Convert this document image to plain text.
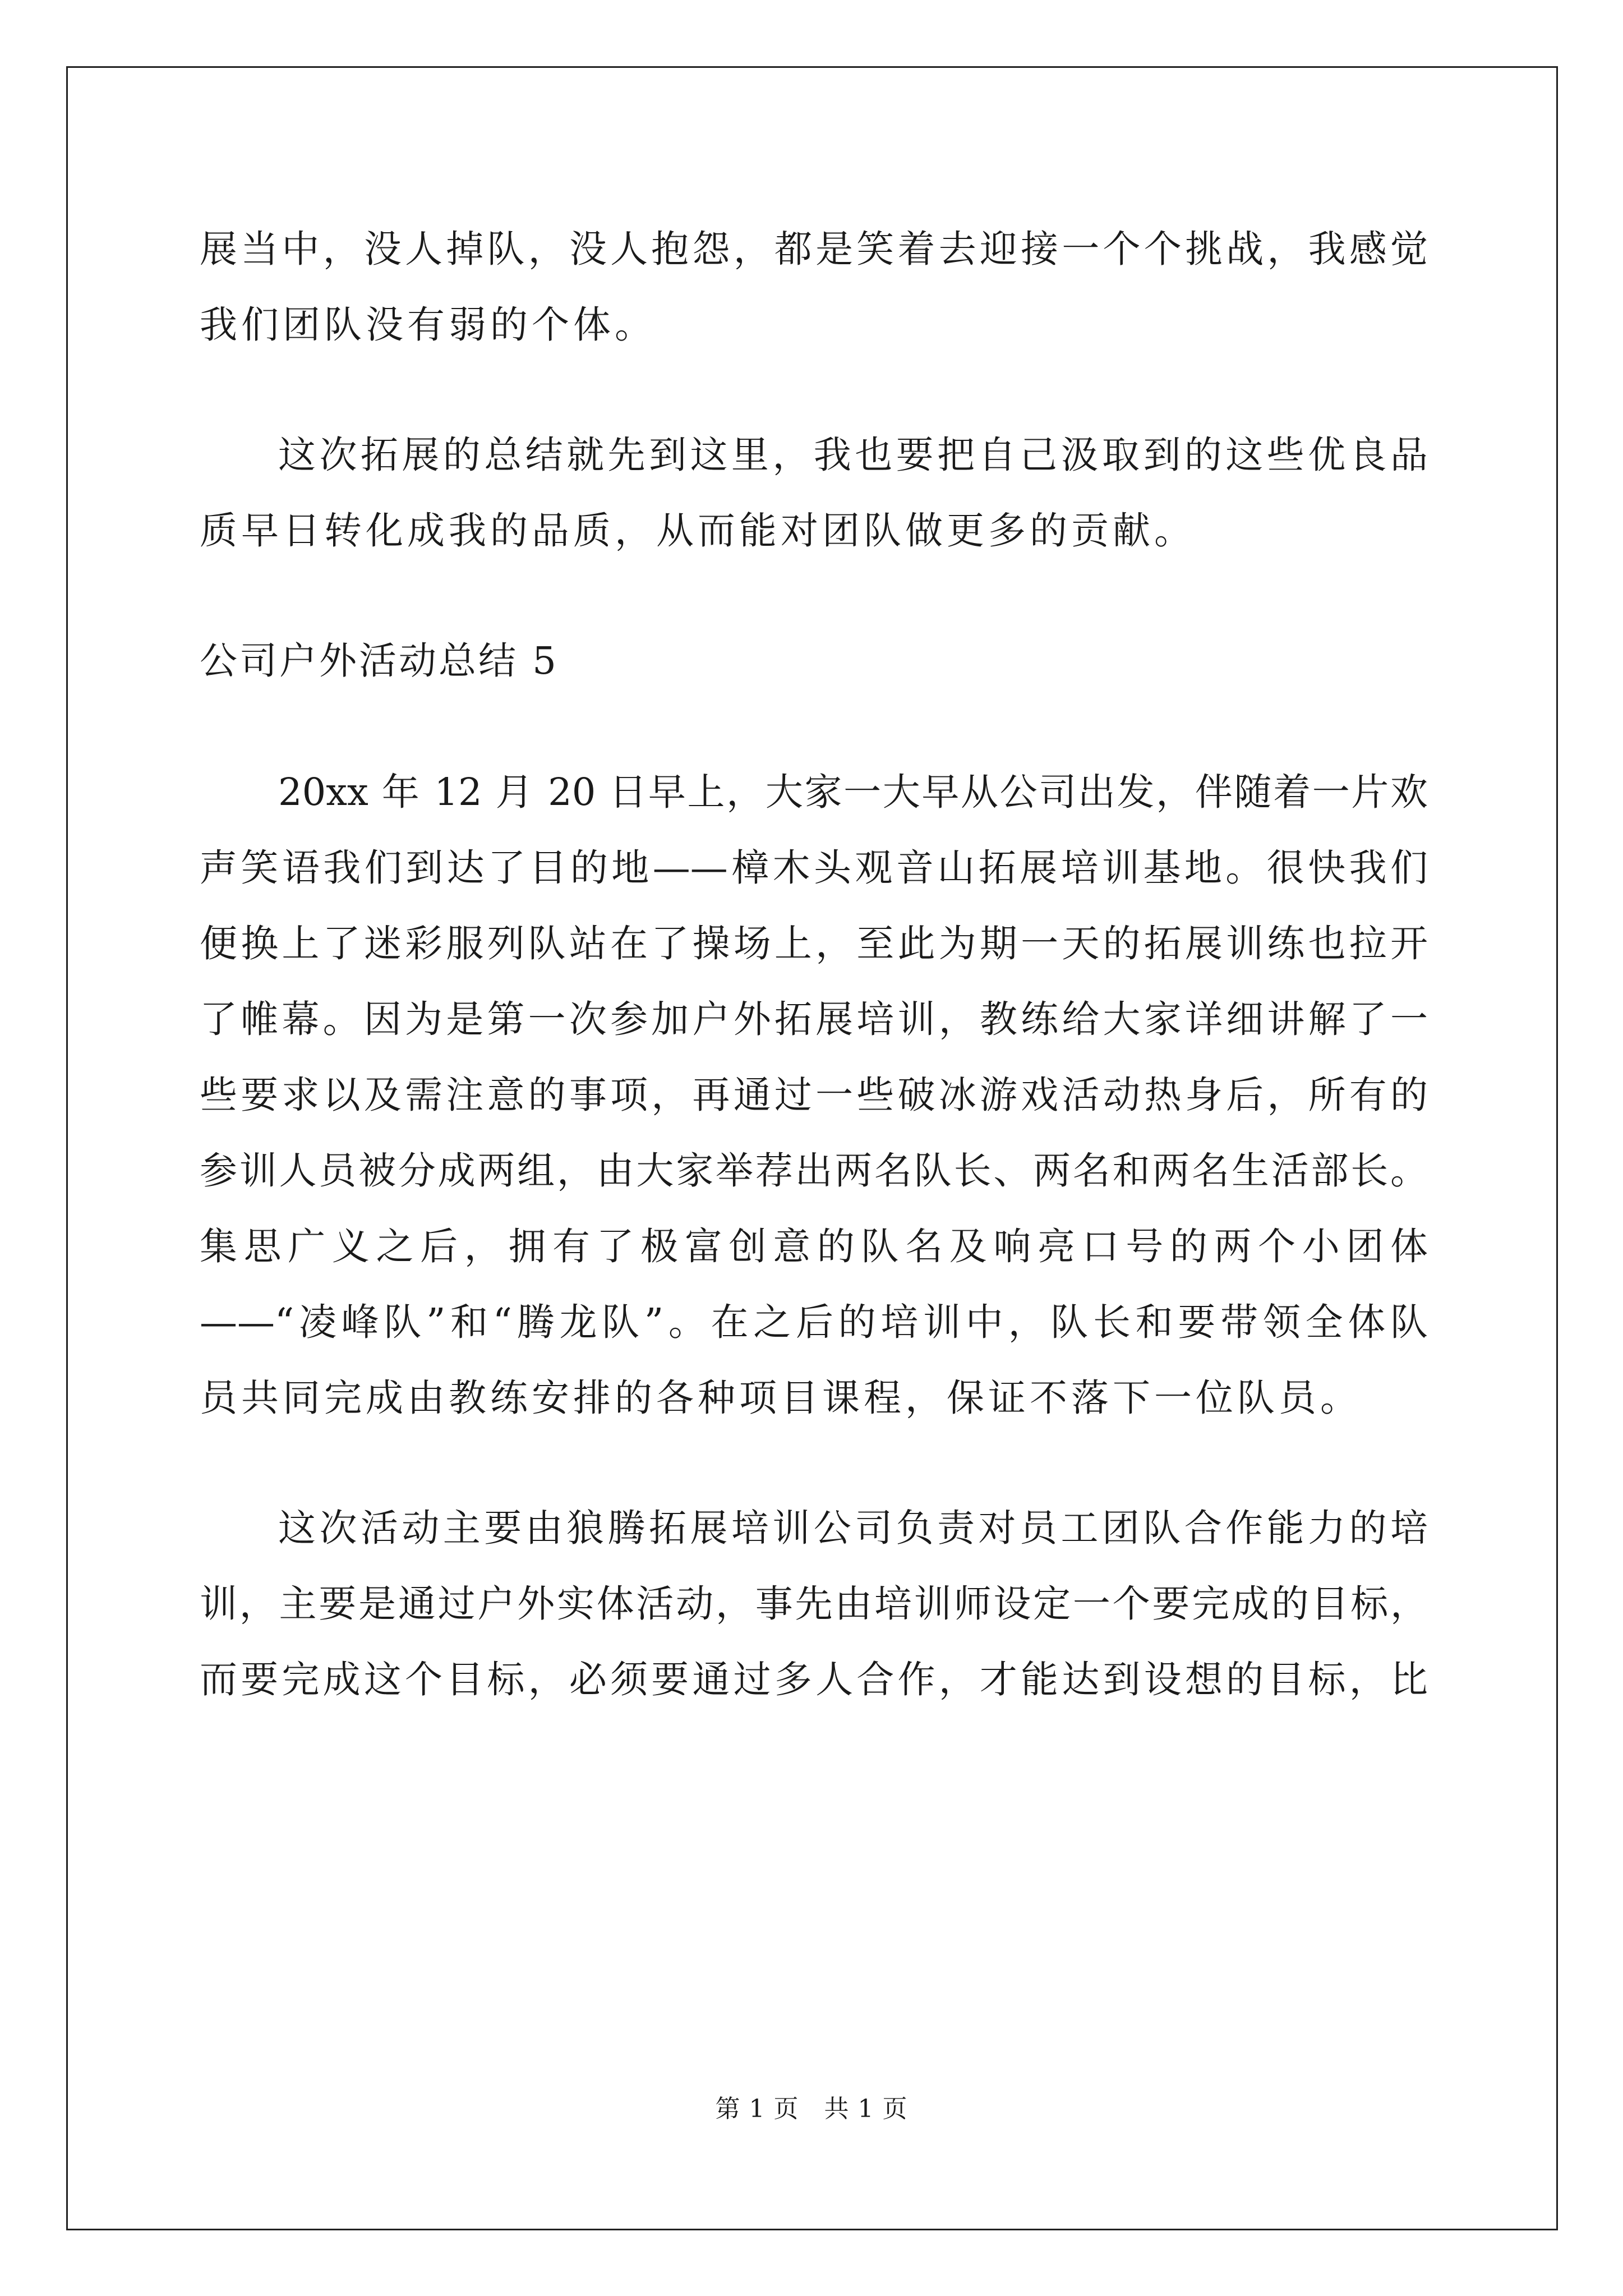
展当中，没人掉队，没人抱怨，都是笑着去迎接一个个挑战，我感觉
我们团队没有弱的个体。
这次拓展的总结就先到这里，我也要把自己汲取到的这些优良品
质早日转化成我的品质，从而能对团队做更多的贡献。
公司户外活动总结 5
20xx 年 12 月 20 日早上，大家一大早从公司出发，伴随着一片欢
声笑语我们到达了目的地——樟木头观音山拓展培训基地。很快我们
便换上了迷彩服列队站在了操场上，至此为期一天的拓展训练也拉开
了帷幕。因为是第一次参加户外拓展培训，教练给大家详细讲解了一
些要求以及需注意的事项，再通过一些破冰游戏活动热身后，所有的
参训人员被分成两组，由大家举荐出两名队长、两名和两名生活部长。
集思广义之后，拥有了极富创意的队名及响亮口号的两个小团体
——“凌峰队”和“腾龙队”。在之后的培训中，队长和要带领全体队
员共同完成由教练安排的各种项目课程，保证不落下一位队员。
这次活动主要由狼腾拓展培训公司负责对员工团队合作能力的培
训，主要是通过户外实体活动，事先由培训师设定一个要完成的目标，
而要完成这个目标，必须要通过多人合作，才能达到设想的目标，比
第 1 页　共 1 页
